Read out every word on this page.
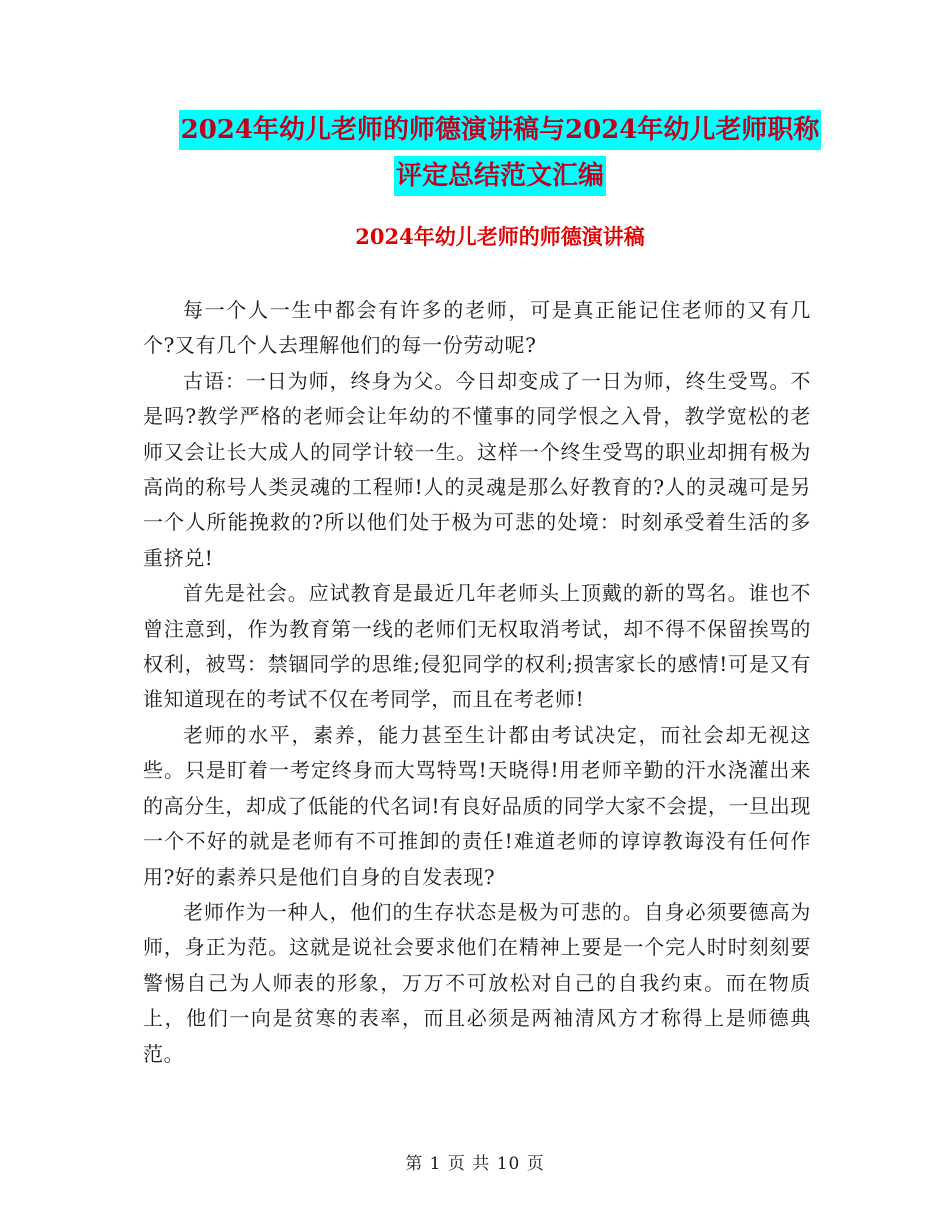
2024年幼儿老师的师德演讲稿与2024年幼儿老师职称
评定总结范文汇编
2024年幼儿老师的师德演讲稿

每一个人一生中都会有许多的老师，可是真正能记住老师的又有几个?又有几个人去理解他们的每一份劳动呢?

古语：一日为师，终身为父。今日却变成了一日为师，终生受骂。不是吗?教学严格的老师会让年幼的不懂事的同学恨之入骨，教学宽松的老师又会让长大成人的同学计较一生。这样一个终生受骂的职业却拥有极为高尚的称号人类灵魂的工程师!人的灵魂是那么好教育的?人的灵魂可是另一个人所能挽救的?所以他们处于极为可悲的处境：时刻承受着生活的多重挤兑!

首先是社会。应试教育是最近几年老师头上顶戴的新的骂名。谁也不曾注意到，作为教育第一线的老师们无权取消考试，却不得不保留挨骂的权利，被骂：禁锢同学的思维;侵犯同学的权利;损害家长的感情!可是又有谁知道现在的考试不仅在考同学，而且在考老师!

老师的水平，素养，能力甚至生计都由考试决定，而社会却无视这些。只是盯着一考定终身而大骂特骂!天晓得!用老师辛勤的汗水浇灌出来的高分生，却成了低能的代名词!有良好品质的同学大家不会提，一旦出现一个不好的就是老师有不可推卸的责任!难道老师的谆谆教诲没有任何作用?好的素养只是他们自身的自发表现?

老师作为一种人，他们的生存状态是极为可悲的。自身必须要德高为师，身正为范。这就是说社会要求他们在精神上要是一个完人时时刻刻要警惕自己为人师表的形象，万万不可放松对自己的自我约束。而在物质上，他们一向是贫寒的表率，而且必须是两袖清风方才称得上是师德典范。

第 1 页 共 10 页
